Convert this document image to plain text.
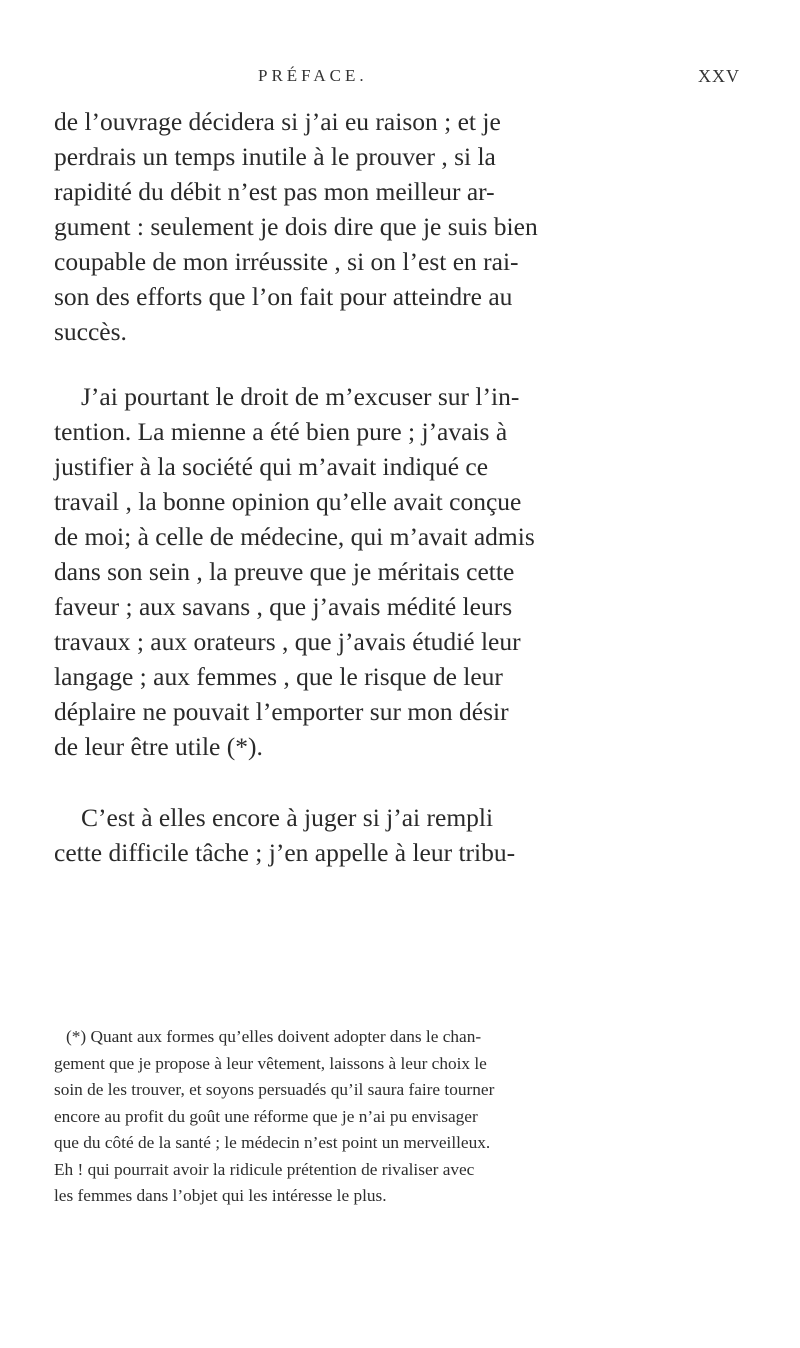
PRÉFACE.	XXV
de l’ouvrage décidera si j’ai eu raison ; et je
perdrais un temps inutile à le prouver , si la
rapidité du débit n’est pas mon meilleur ar-
gument : seulement je dois dire que je suis bien
coupable de mon irréussite , si on l’est en rai-
son des efforts que l’on fait pour atteindre au
succès.
J’ai pourtant le droit de m’excuser sur l’in-
tention. La mienne a été bien pure ; j’avais à
justifier à la société qui m’avait indiqué ce
travail , la bonne opinion qu’elle avait conçue
de moi; à celle de médecine, qui m’avait admis
dans son sein , la preuve que je méritais cette
faveur ; aux savans , que j’avais médité leurs
travaux ; aux orateurs , que j’avais étudié leur
langage ; aux femmes , que le risque de leur
déplaire ne pouvait l’emporter sur mon désir
de leur être utile (*).
C’est à elles encore à juger si j’ai rempli
cette difficile tâche ; j’en appelle à leur tribu-
(*) Quant aux formes qu’elles doivent adopter dans le chan-
gement que je propose à leur vêtement, laissons à leur choix le
soin de les trouver, et soyons persuadés qu’il saura faire tourner
encore au profit du goût une réforme que je n’ai pu envisager
que du côté de la santé ; le médecin n’est point un merveilleux.
Eh ! qui pourrait avoir la ridicule prétention de rivaliser avec
les femmes dans l’objet qui les intéresse le plus.
